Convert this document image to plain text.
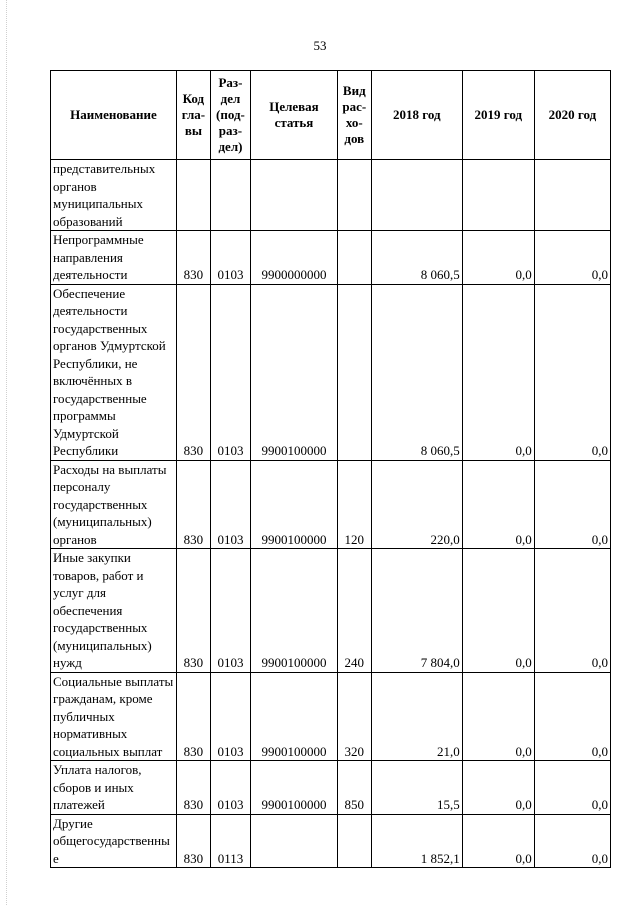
53
Наименование	Код гла-вы	Раз-дел (под-раз-дел)	Целевая статья	Вид рас-хо-дов	2018 год	2019 год	2020 год
представительных органов муниципальных образований							
Непрограммные направления деятельности	830	0103	9900000000		8 060,5	0,0	0,0
Обеспечение деятельности государственных органов Удмуртской Республики, не включённых в государственные программы Удмуртской Республики	830	0103	9900100000		8 060,5	0,0	0,0
Расходы на выплаты персоналу государственных (муниципальных) органов	830	0103	9900100000	120	220,0	0,0	0,0
Иные закупки товаров, работ и услуг для обеспечения государственных (муниципальных) нужд	830	0103	9900100000	240	7 804,0	0,0	0,0
Социальные выплаты гражданам, кроме публичных нормативных социальных выплат	830	0103	9900100000	320	21,0	0,0	0,0
Уплата налогов, сборов и иных платежей	830	0103	9900100000	850	15,5	0,0	0,0
Другие общегосударственные	830	0113			1 852,1	0,0	0,0
